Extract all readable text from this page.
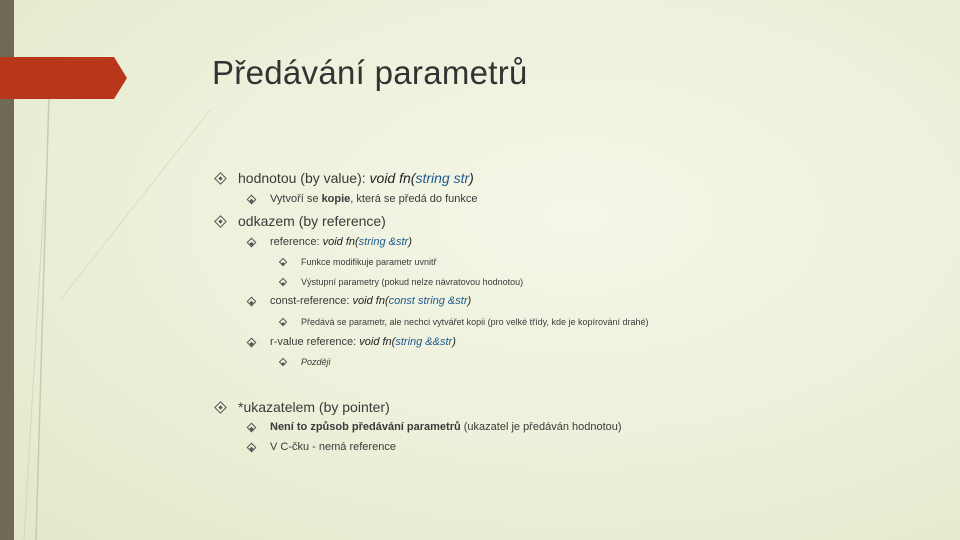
Předávání parametrů
hodnotou (by value): void fn(string str)
Vytvoří se kopie, která se předá do funkce
odkazem (by reference)
reference: void fn(string &str)
Funkce modifikuje parametr uvnitř
Výstupní parametry (pokud nelze návratovou hodnotou)
const-reference: void fn(const string &str)
Předává se parametr, ale nechci vytvářet kopii (pro velké třídy, kde je kopírování drahé)
r-value reference: void fn(string &&str)
Později
*ukazatelem (by pointer)
Není to způsob předávání parametrů (ukazatel je předáván hodnotou)
V C-čku - nemá reference
